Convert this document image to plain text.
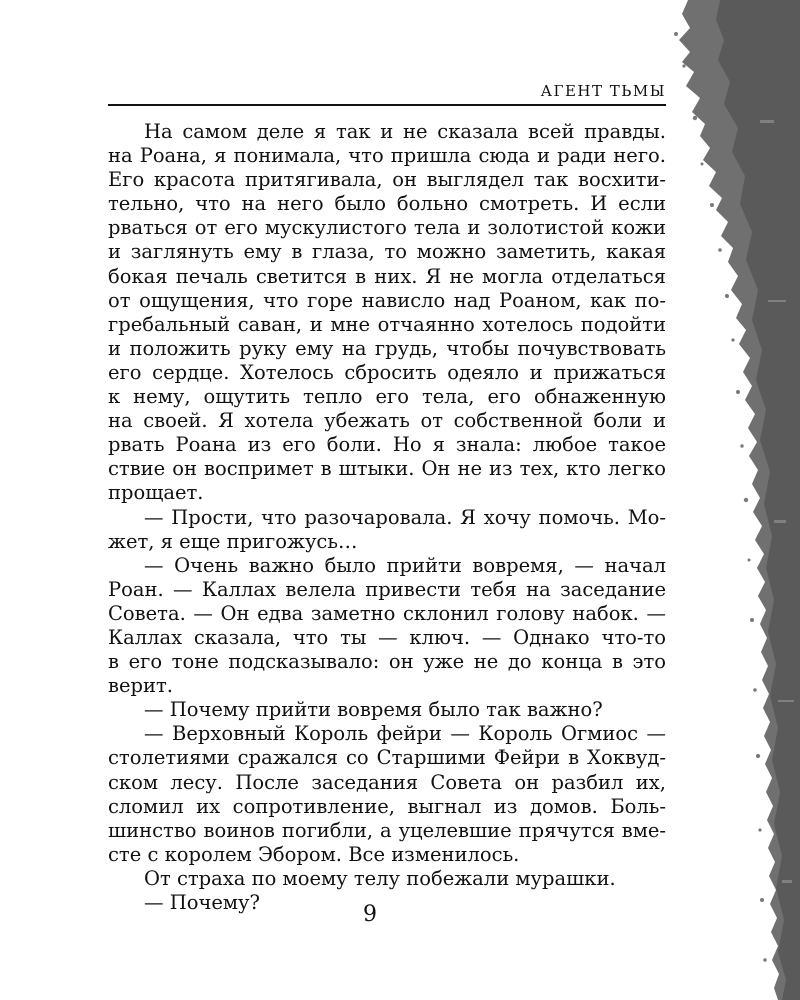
АГЕНТ ТЬМЫ

На самом деле я так и не сказала всей правды.
на Роана, я понимала, что пришла сюда и ради него.
Его красота притягивала, он выглядел так восхити-
тельно, что на него было больно смотреть. И если
рваться от его мускулистого тела и золотистой кожи
и заглянуть ему в глаза, то можно заметить, какая
бокая печаль светится в них. Я не могла отделаться
от ощущения, что горе нависло над Роаном, как по-
гребальный саван, и мне отчаянно хотелось подойти
и положить руку ему на грудь, чтобы почувствовать
его сердце. Хотелось сбросить одеяло и прижаться
к нему, ощутить тепло его тела, его обнаженную
на своей. Я хотела убежать от собственной боли и
рвать Роана из его боли. Но я знала: любое такое
ствие он воспримет в штыки. Он не из тех, кто легко
прощает.

— Прости, что разочаровала. Я хочу помочь. Мо-
жет, я еще пригожусь…

— Очень важно было прийти вовремя, — начал
Роан. — Каллах велела привести тебя на заседание
Совета. — Он едва заметно склонил голову набок. —
Каллах сказала, что ты — ключ. — Однако что-то
в его тоне подсказывало: он уже не до конца в это
верит.

— Почему прийти вовремя было так важно?

— Верховный Король фейри — Король Огмиос —
столетиями сражался со Старшими Фейри в Хоквуд-
ском лесу. После заседания Совета он разбил их,
сломил их сопротивление, выгнал из домов. Боль-
шинство воинов погибли, а уцелевшие прячутся вме-
сте с королем Эбором. Все изменилось.

От страха по моему телу побежали мурашки.

— Почему?	9
